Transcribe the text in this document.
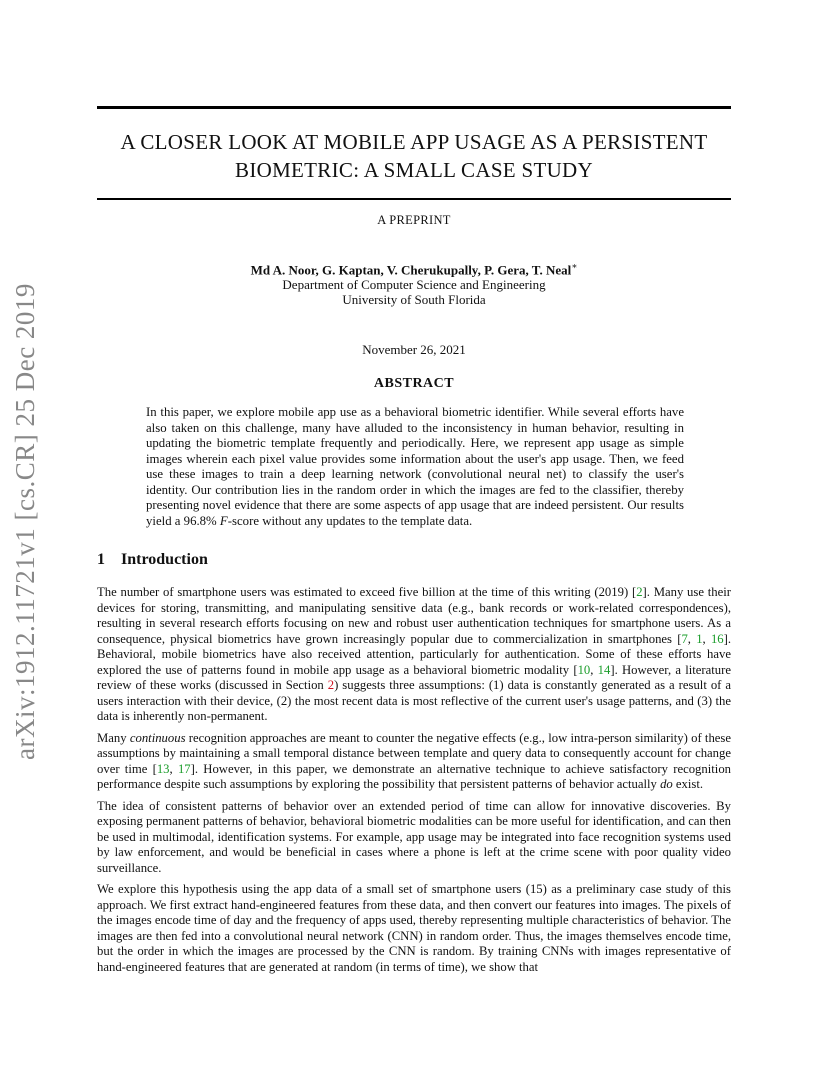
arXiv:1912.11721v1 [cs.CR] 25 Dec 2019
A CLOSER LOOK AT MOBILE APP USAGE AS A PERSISTENT
BIOMETRIC: A SMALL CASE STUDY
A PREPRINT
Md A. Noor, G. Kaptan, V. Cherukupally, P. Gera, T. Neal∗
Department of Computer Science and Engineering
University of South Florida
November 26, 2021
ABSTRACT
In this paper, we explore mobile app use as a behavioral biometric identifier. While several efforts have also taken on this challenge, many have alluded to the inconsistency in human behavior, resulting in updating the biometric template frequently and periodically. Here, we represent app usage as simple images wherein each pixel value provides some information about the user's app usage. Then, we feed use these images to train a deep learning network (convolutional neural net) to classify the user's identity. Our contribution lies in the random order in which the images are fed to the classifier, thereby presenting novel evidence that there are some aspects of app usage that are indeed persistent. Our results yield a 96.8% F-score without any updates to the template data.
1 Introduction

The number of smartphone users was estimated to exceed five billion at the time of this writing (2019) [2]. Many use their devices for storing, transmitting, and manipulating sensitive data (e.g., bank records or work-related correspondences), resulting in several research efforts focusing on new and robust user authentication techniques for smartphone users. As a consequence, physical biometrics have grown increasingly popular due to commercialization in smartphones [7, 1, 16]. Behavioral, mobile biometrics have also received attention, particularly for authentication. Some of these efforts have explored the use of patterns found in mobile app usage as a behavioral biometric modality [10, 14]. However, a literature review of these works (discussed in Section 2) suggests three assumptions: (1) data is constantly generated as a result of a users interaction with their device, (2) the most recent data is most reflective of the current user's usage patterns, and (3) the data is inherently non-permanent.

Many continuous recognition approaches are meant to counter the negative effects (e.g., low intra-person similarity) of these assumptions by maintaining a small temporal distance between template and query data to consequently account for change over time [13, 17]. However, in this paper, we demonstrate an alternative technique to achieve satisfactory recognition performance despite such assumptions by exploring the possibility that persistent patterns of behavior actually do exist.

The idea of consistent patterns of behavior over an extended period of time can allow for innovative discoveries. By exposing permanent patterns of behavior, behavioral biometric modalities can be more useful for identification, and can then be used in multimodal, identification systems. For example, app usage may be integrated into face recognition systems used by law enforcement, and would be beneficial in cases where a phone is left at the crime scene with poor quality video surveillance.

We explore this hypothesis using the app data of a small set of smartphone users (15) as a preliminary case study of this approach. We first extract hand-engineered features from these data, and then convert our features into images. The pixels of the images encode time of day and the frequency of apps used, thereby representing multiple characteristics of behavior. The images are then fed into a convolutional neural network (CNN) in random order. Thus, the images themselves encode time, but the order in which the images are processed by the CNN is random. By training CNNs with images representative of hand-engineered features that are generated at random (in terms of time), we show that
